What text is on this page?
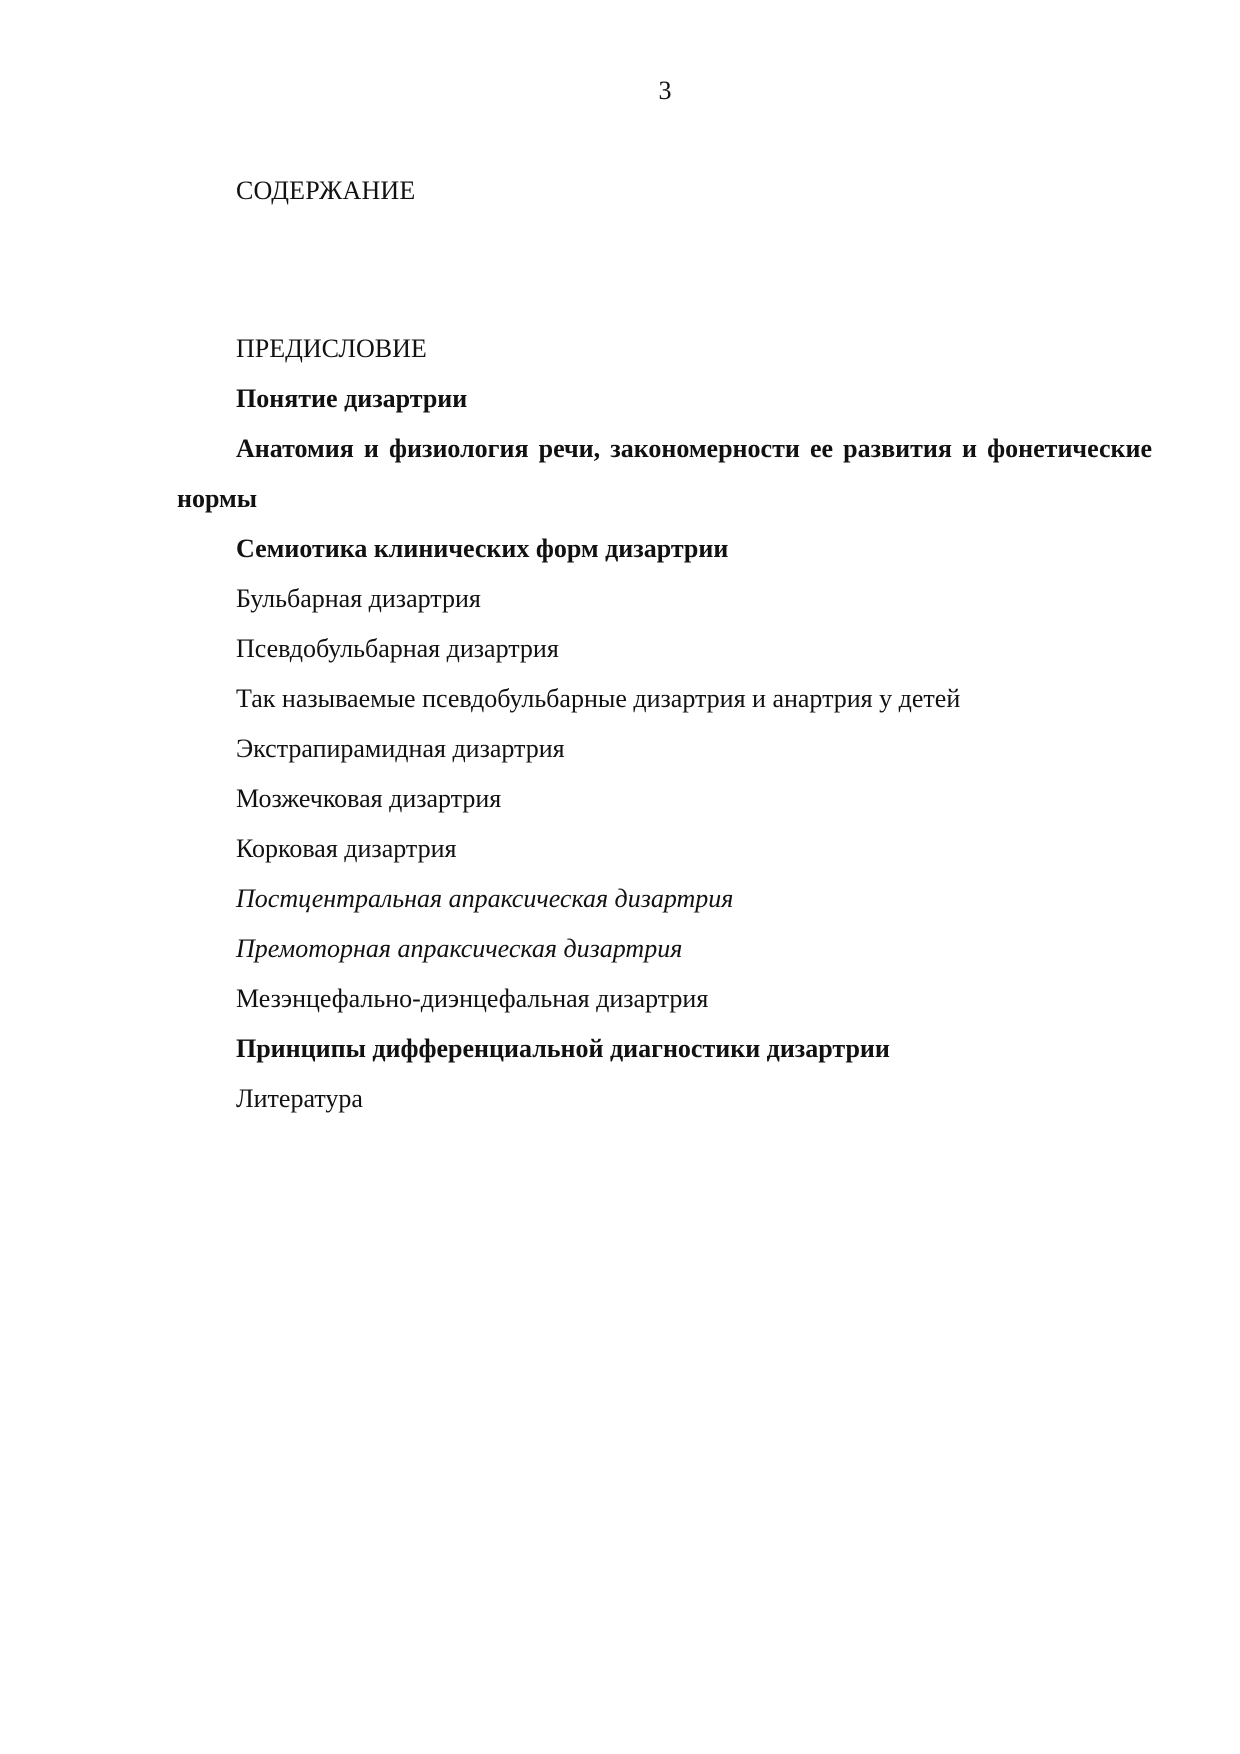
3
СОДЕРЖАНИЕ
ПРЕДИСЛОВИЕ
Понятие дизартрии
Анатомия и физиология речи, закономерности ее развития и фонетические нормы
Семиотика клинических форм дизартрии
Бульбарная дизартрия
Псевдобульбарная дизартрия
Так называемые псевдобульбарные дизартрия и анартрия у детей
Экстрапирамидная дизартрия
Мозжечковая дизартрия
Корковая дизартрия
Постцентральная апраксическая дизартрия
Премоторная апраксическая дизартрия
Мезэнцефально-диэнцефальная дизартрия
Принципы дифференциальной диагностики дизартрии
Литература
